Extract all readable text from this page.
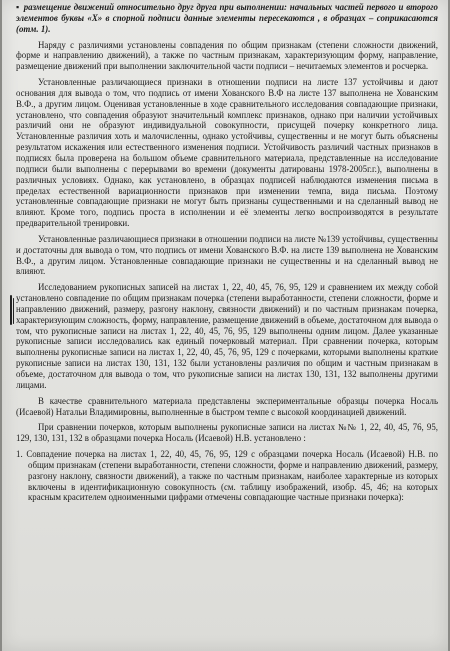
▪ размещение движений относительно друг друга при выполнении: начальных частей первого и второго элементов буквы «Х» в спорной подписи данные элементы пересекаются , в образцах – соприкасаются (отм. 1).

Наряду с различиями установлены совпадения по общим признакам (степени сложности движений, форме и направлению движений), а также по частным признакам, характеризующим форму, направление, размещение движений при выполнении заключительной части подписи – нечитаемых элементов и росчерка.

Установленные различающиеся признаки в отношении подписи на листе 137 устойчивы и дают основания для вывода о том, что подпись от имени Хованского В.Ф на листе 137 выполнена не Хованским В.Ф., а другим лицом. Оценивая установленные в ходе сравнительного исследования совпадающие признаки, установлено, что совпадения образуют значительный комплекс признаков, однако при наличии устойчивых различий они не образуют индивидуальной совокупности, присущей почерку конкретного лица. Установленные различия хоть и малочисленны, однако устойчивы, существенны и не могут быть объяснены результатом искажения или естественного изменения подписи. Устойчивость различий частных признаков в подписях была проверена на большом объеме сравнительного материала, представленные на исследование подписи были выполнены с перерывами во времени (документы датированы 1978-2005г.г.), выполнены в различных условиях. Однако, как установлено, в образцах подписей наблюдаются изменения письма в пределах естественной вариационности признаков при изменении темпа, вида письма. Поэтому установленные совпадающие признаки не могут быть признаны существенными и на сделанный вывод не влияют. Кроме того, подпись проста в исполнении и её элементы легко воспроизводятся в результате предварительной тренировки.

Установленные различающиеся признаки в отношении подписи на листе №139 устойчивы, существенны и достаточны для вывода о том, что подпись от имени Хованского В.Ф. на листе 139 выполнена не Хованским В.Ф., а другим лицом. Установленные совпадающие признаки не существенны и на сделанный вывод не влияют.

Исследованием рукописных записей на листах 1, 22, 40, 45, 76, 95, 129 и сравнением их между собой установлено совпадение по общим признакам почерка (степени выработанности, степени сложности, форме и направлению движений, размеру, разгону наклону, связности движений) и по частным признакам почерка, характеризующим сложность, форму, направление, размещение движений в объеме, достаточном для вывода о том, что рукописные записи на листах 1, 22, 40, 45, 76, 95, 129 выполнены одним лицом. Далее указанные рукописные записи исследовались как единый почерковый материал. При сравнении почерка, которым выполнены рукописные записи на листах 1, 22, 40, 45, 76, 95, 129 с почерками, которыми выполнены краткие рукописные записи на листах 130, 131, 132 были установлены различия по общим и частным признакам в объеме, достаточном для вывода о том, что рукописные записи на листах 130, 131, 132 выполнены другими лицами.

В качестве сравнительного материала представлены экспериментальные образцы почерка Носаль (Исаевой) Натальи Владимировны, выполненные в быстром темпе с высокой координацией движений.

При сравнении почерков, которым выполнены рукописные записи на листах №№ 1, 22, 40, 45, 76, 95, 129, 130, 131, 132 в образцами почерка Носаль (Исаевой) Н.В. установлено :

1. Совпадение почерка на листах 1, 22, 40, 45, 76, 95, 129 с образцами почерка Носаль (Исаевой) Н.В. по общим признакам (степени выработанности, степени сложности, форме и направлению движений, размеру, разгону наклону, связности движений), а также по частным признакам, наиболее характерные из которых включены в идентификационную совокупность (см. таблицу изображений, изобр. 45, 46; на которых красным красителем одноименными цифрами отмечены совпадающие частные признаки почерка):
